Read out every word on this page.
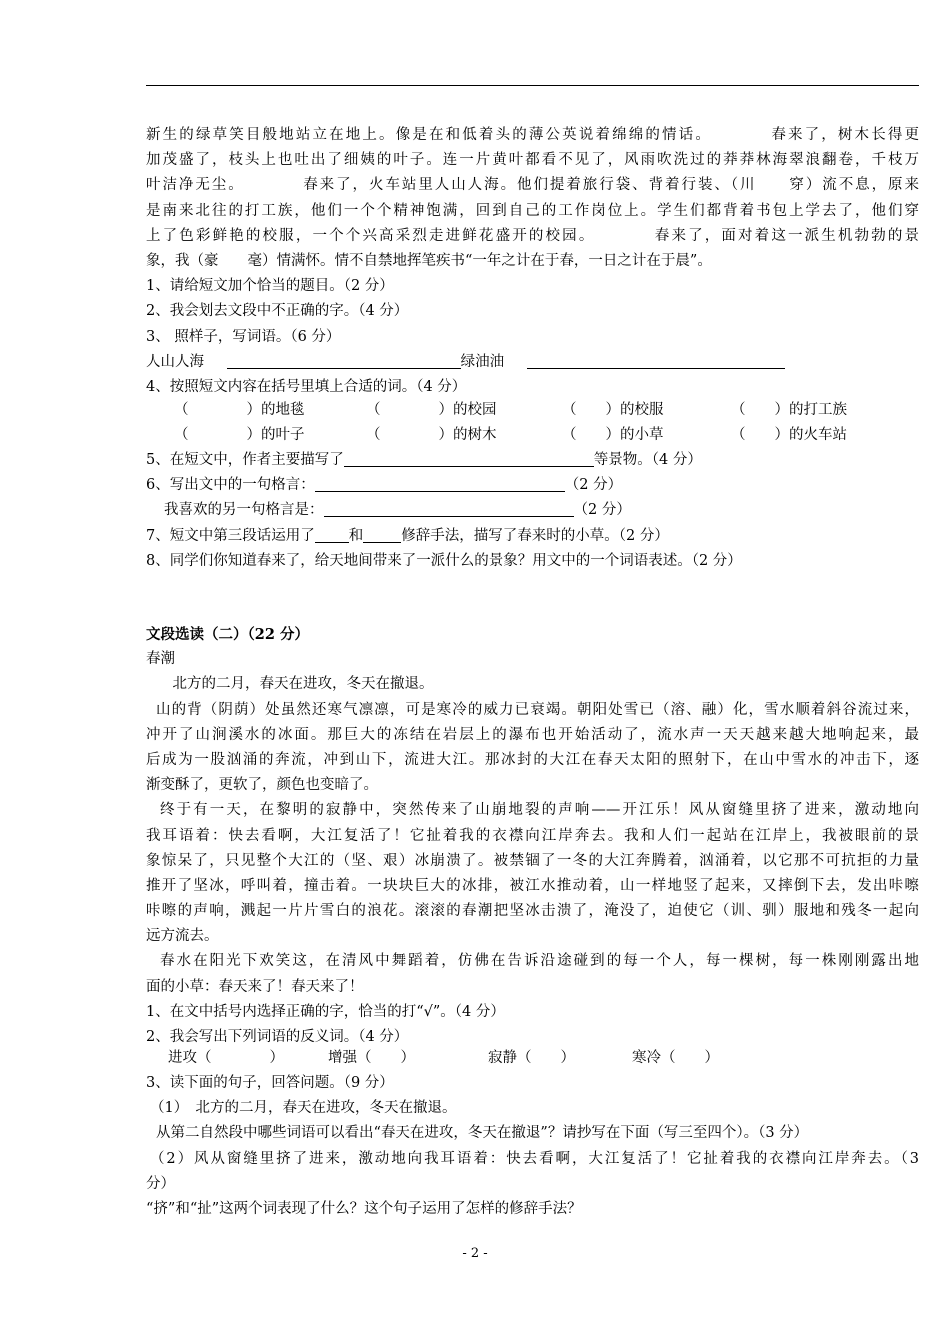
新生的绿草笑目般地站立在地上。像是在和低着头的薄公英说着绵绵的情话。　　　　春来了，树木长得更
加茂盛了，枝头上也吐出了细姨的叶子。连一片黄叶都看不见了，风雨吹洗过的莽莽林海翠浪翻卷，千枝万
叶洁净无尘。　　　　春来了，火车站里人山人海。他们提着旅行袋、背着行装、（川　　穿）流不息，原来
是南来北往的打工族，他们一个个精神饱满，回到自己的工作岗位上。学生们都背着书包上学去了，他们穿
上了色彩鲜艳的校服，一个个兴高采烈走进鲜花盛开的校园。　　　　春来了，面对着这一派生机勃勃的景
象，我（豪　　毫）情满怀。情不自禁地挥笔疾书“一年之计在于春，一日之计在于晨”。
1、请给短文加个恰当的题目。（2 分）
2、我会划去文段中不正确的字。（4 分）
3、 照样子，写词语。（6 分）
人山人海	绿油油
4、按照短文内容在括号里填上合适的词。（4 分）
（　　　　）的地毯	（　　　　）的校园	（　　）的校服	（　　）的打工族
（　　　　）的叶子	（　　　　）的树木	（　　）的小草	（　　）的火车站
5、在短文中，作者主要描写了	等景物。（4 分）
6、写出文中的一句格言：	（2 分）
我喜欢的另一句格言是：	（2 分）
7、短文中第三段话运用了 和	修辞手法，描写了春来时的小草。（2 分）
8、同学们你知道春来了，给天地间带来了一派什么的景象？用文中的一个词语表述。（2 分）
文段选读（二）（22 分）
春潮
　北方的二月，春天在进攻，冬天在撤退。
山的背（阴荫）处虽然还寒气凛凛，可是寒冷的威力已衰竭。朝阳处雪已（溶、融）化，雪水顺着斜谷流过来，
冲开了山涧溪水的冰面。那巨大的冻结在岩层上的瀑布也开始活动了，流水声一天天越来越大地响起来，最
后成为一股汹涌的奔流，冲到山下，流进大江。那冰封的大江在春天太阳的照射下，在山中雪水的冲击下，逐
渐变酥了，更软了，颜色也变暗了。
终于有一天，在黎明的寂静中，突然传来了山崩地裂的声响——开江乐！风从窗缝里挤了进来，激动地向
我耳语着：快去看啊，大江复活了！它扯着我的衣襟向江岸奔去。我和人们一起站在江岸上，我被眼前的景
象惊呆了，只见整个大江的（坚、艰）冰崩溃了。被禁锢了一冬的大江奔腾着，汹涌着，以它那不可抗拒的力量
推开了坚冰，呼叫着，撞击着。一块块巨大的冰排，被江水推动着，山一样地竖了起来，又摔倒下去，发出咔嚓
咔嚓的声响，溅起一片片雪白的浪花。滚滚的春潮把坚冰击溃了，淹没了，迫使它（训、驯）服地和残冬一起向
远方流去。
春水在阳光下欢笑这，在清风中舞蹈着，仿佛在告诉沿途碰到的每一个人，每一棵树，每一株刚刚露出地
面的小草：春天来了！春天来了！
1、在文中括号内选择正确的字，恰当的打“√”。（4 分）
2、我会写出下列词语的反义词。（4 分）
进攻（　　　　）	增强（　　）	寂静（　　）	寒冷（　　）
3、读下面的句子，回答问题。（9 分）
（1）　北方的二月，春天在进攻，冬天在撤退。
从第二自然段中哪些词语可以看出“春天在进攻，冬天在撤退”？请抄写在下面（写三至四个）。（3 分）
（2）风从窗缝里挤了进来，激动地向我耳语着：快去看啊，大江复活了！它扯着我的衣襟向江岸奔去。（3
分）
“挤”和“扯”这两个词表现了什么？这个句子运用了怎样的修辞手法？
- 2 -
